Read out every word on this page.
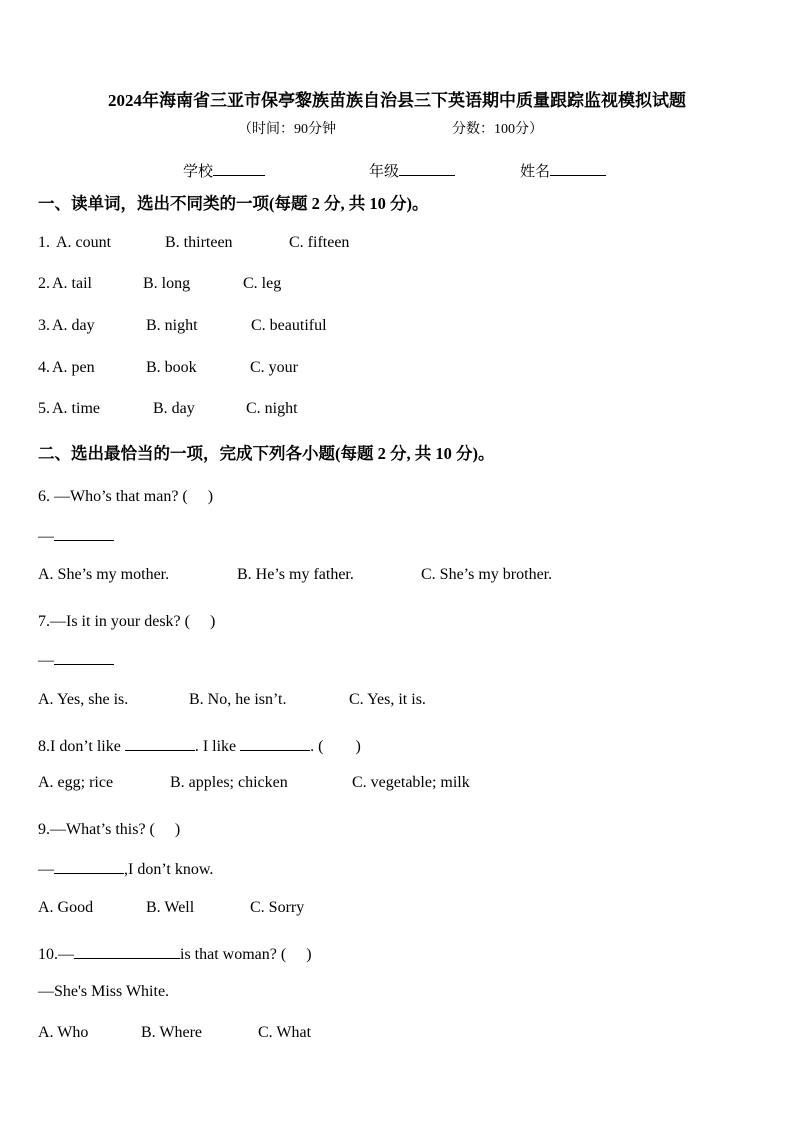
2024年海南省三亚市保亭黎族苗族自治县三下英语期中质量跟踪监视模拟试题
（时间：90分钟	分数：100分）
学校	年级	姓名
一、读单词，选出不同类的一项(每题 2 分, 共 10 分)。
1. A. count	B. thirteen	C. fifteen
2. A. tail	B. long	C. leg
3. A. day	B. night	C. beautiful
4. A. pen	B. book	C. your
5. A. time	B. day	C. night
二、选出最恰当的一项，完成下列各小题(每题 2 分, 共 10 分)。
6. —Who’s that man? (　 )
—
A. She’s my mother.	B. He’s my father.	C. She’s my brother.
7.—Is it in your desk? (　 )
—
A. Yes, she is.	B. No, he isn’t.	C. Yes, it is.
8.I don’t like	. I like	. (　　)
A. egg; rice	B. apples; chicken	C. vegetable; milk
9.—What’s this? (　 )
—	,I don’t know.
A. Good	B. Well	C. Sorry
10.—	is that woman? (　 )
—She's Miss White.
A. Who	B. Where	C. What
